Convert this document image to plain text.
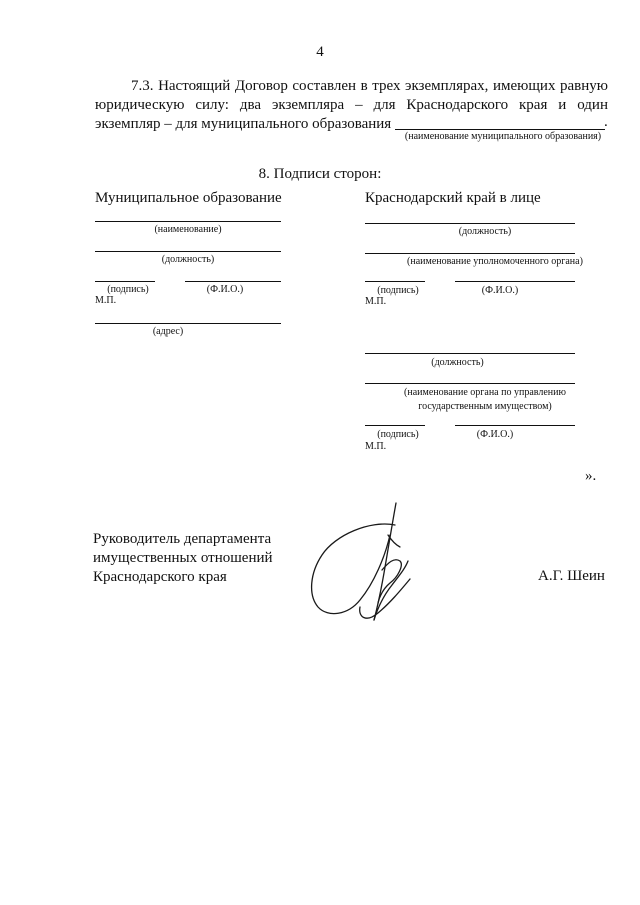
4
7.3. Настоящий Договор составлен в трех экземплярах, имеющих равную
юридическую силу: два экземпляра – для Краснодарского края и один
экземпляр – для муниципального образования	.
(наименование муниципального образования)
8. Подписи сторон:
Муниципальное образование
(наименование)
(должность)
(подпись)	(Ф.И.О.)
М.П.
(адрес)
Краснодарский край в лице
(должность)
(наименование уполномоченного органа)
(подпись)	(Ф.И.О.)
М.П.
(должность)
(наименование органа по управлению
государственным имуществом)
(подпись)	(Ф.И.О.)
М.П.
».
Руководитель департамента
имущественных отношений
Краснодарского края	А.Г. Шеин
